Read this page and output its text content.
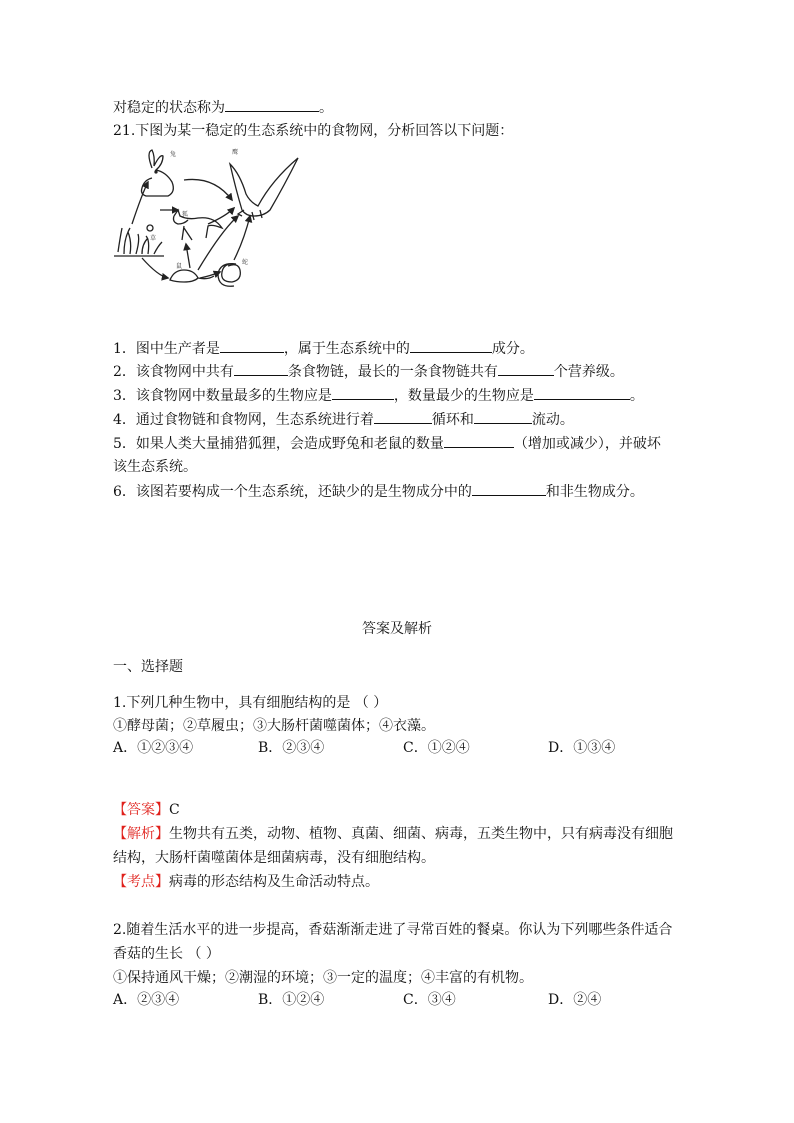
对稳定的状态称为	。
21.下图为某一稳定的生态系统中的食物网，分析回答以下问题：
兔	鹰
狐
草
鼠
蛇
1．图中生产者是	，属于生态系统中的	成分。
2．该食物网中共有	条食物链，最长的一条食物链共有	个营养级。
3．该食物网中数量最多的生物应是	，数量最少的生物应是	。
4．通过食物链和食物网，生态系统进行着	循环和	流动。
5．如果人类大量捕猎狐狸，会造成野兔和老鼠的数量	（增加或减少），并破坏
该生态系统。
6．该图若要构成一个生态系统，还缺少的是生物成分中的	和非生物成分。
答案及解析
一、选择题
1.下列几种生物中，具有细胞结构的是 （ ）
①酵母菌；②草履虫；③大肠杆菌噬菌体；④衣藻。
A．①②③④	B．②③④	C．①②④	D．①③④
【答案】C
【解析】生物共有五类，动物、植物、真菌、细菌、病毒，五类生物中，只有病毒没有细胞
结构，大肠杆菌噬菌体是细菌病毒，没有细胞结构。
【考点】病毒的形态结构及生命活动特点。
2.随着生活水平的进一步提高，香菇渐渐走进了寻常百姓的餐桌。你认为下列哪些条件适合
香菇的生长 （ ）
①保持通风干燥；②潮湿的环境；③一定的温度；④丰富的有机物。
A．②③④	B．①②④	C．③④	D．②④
